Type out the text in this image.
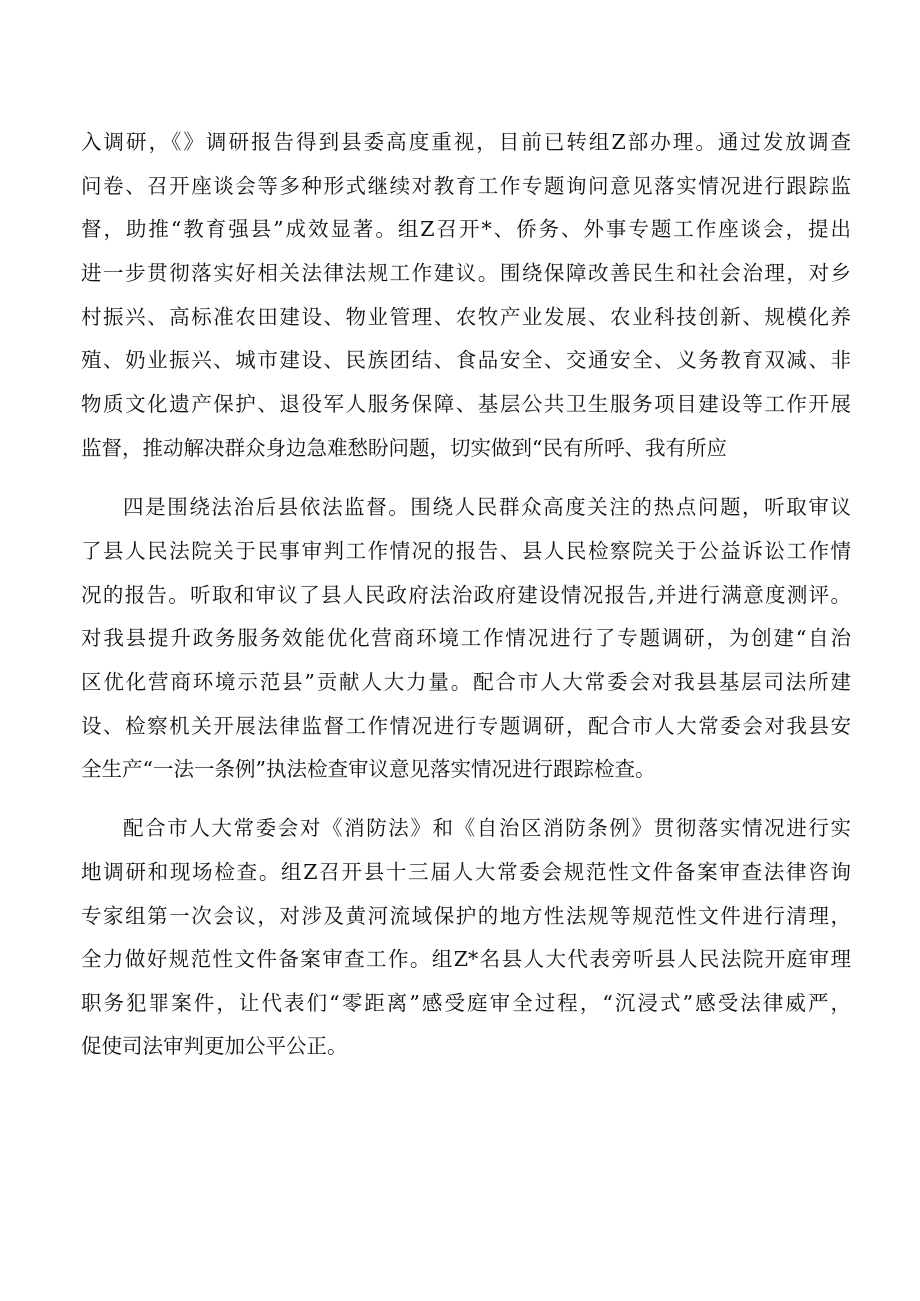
入调研，《》调研报告得到县委高度重视，目前已转组Z部办理。通过发放调查
问卷、召开座谈会等多种形式继续对教育工作专题询问意见落实情况进行跟踪监
督，助推“教育强县”成效显著。组Z召开*、侨务、外事专题工作座谈会，提出
进一步贯彻落实好相关法律法规工作建议。围绕保障改善民生和社会治理，对乡
村振兴、高标准农田建设、物业管理、农牧产业发展、农业科技创新、规模化养
殖、奶业振兴、城市建设、民族团结、食品安全、交通安全、义务教育双减、非
物质文化遗产保护、退役军人服务保障、基层公共卫生服务项目建设等工作开展
监督，推动解决群众身边急难愁盼问题，切实做到“民有所呼、我有所应
四是围绕法治后县依法监督。围绕人民群众高度关注的热点问题，听取审议
了县人民法院关于民事审判工作情况的报告、县人民检察院关于公益诉讼工作情
况的报告。听取和审议了县人民政府法治政府建设情况报告,并进行满意度测评。
对我县提升政务服务效能优化营商环境工作情况进行了专题调研，为创建“自治
区优化营商环境示范县”贡献人大力量。配合市人大常委会对我县基层司法所建
设、检察机关开展法律监督工作情况进行专题调研，配合市人大常委会对我县安
全生产“一法一条例”执法检查审议意见落实情况进行跟踪检查。
配合市人大常委会对《消防法》和《自治区消防条例》贯彻落实情况进行实
地调研和现场检查。组Z召开县十三届人大常委会规范性文件备案审查法律咨询
专家组第一次会议，对涉及黄河流域保护的地方性法规等规范性文件进行清理，
全力做好规范性文件备案审查工作。组Z*名县人大代表旁听县人民法院开庭审理
职务犯罪案件，让代表们“零距离”感受庭审全过程，“沉浸式”感受法律威严，
促使司法审判更加公平公正。
